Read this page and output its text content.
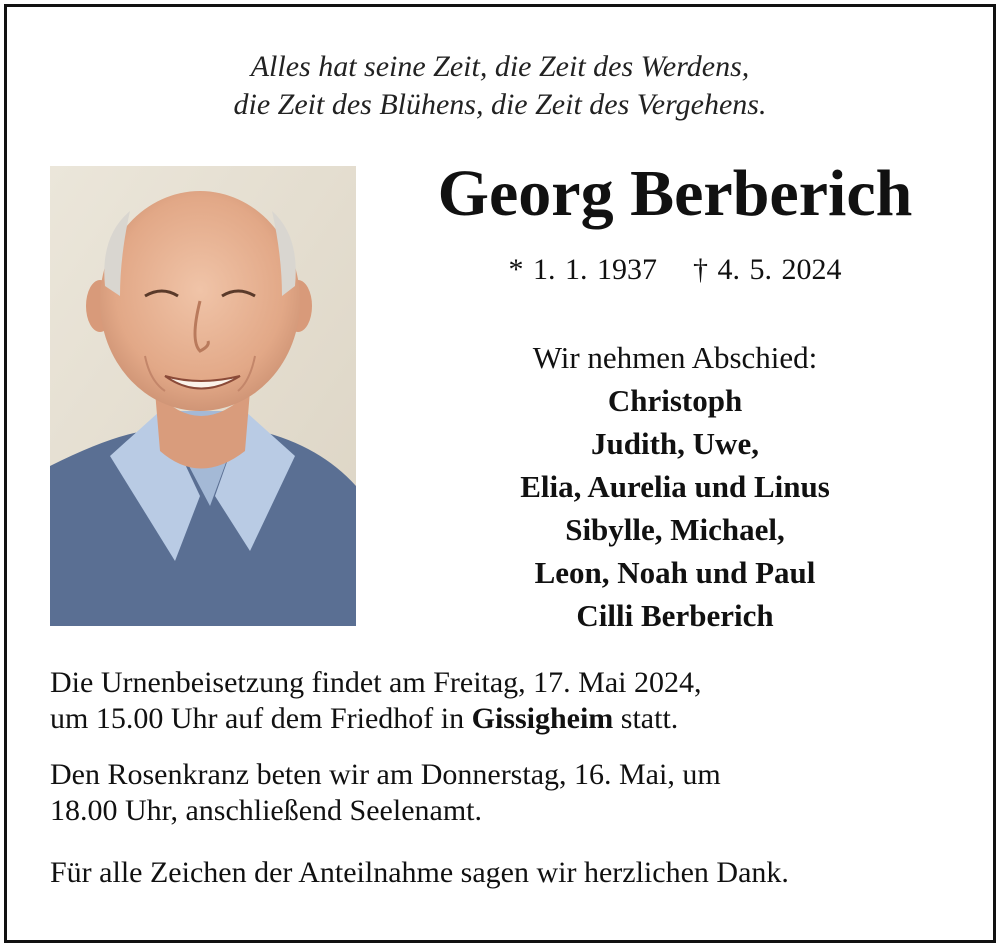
Alles hat seine Zeit, die Zeit des Werdens,
die Zeit des Blühens, die Zeit des Vergehens.
Georg Berberich
* 1. 1. 1937 † 4. 5. 2024
Wir nehmen Abschied:
Christoph
Judith, Uwe,
Elia, Aurelia und Linus
Sibylle, Michael,
Leon, Noah und Paul
Cilli Berberich
Die Urnenbeisetzung findet am Freitag, 17. Mai 2024,
um 15.00 Uhr auf dem Friedhof in Gissigheim statt.
Den Rosenkranz beten wir am Donnerstag, 16. Mai, um
18.00 Uhr, anschließend Seelenamt.
Für alle Zeichen der Anteilnahme sagen wir herzlichen Dank.
